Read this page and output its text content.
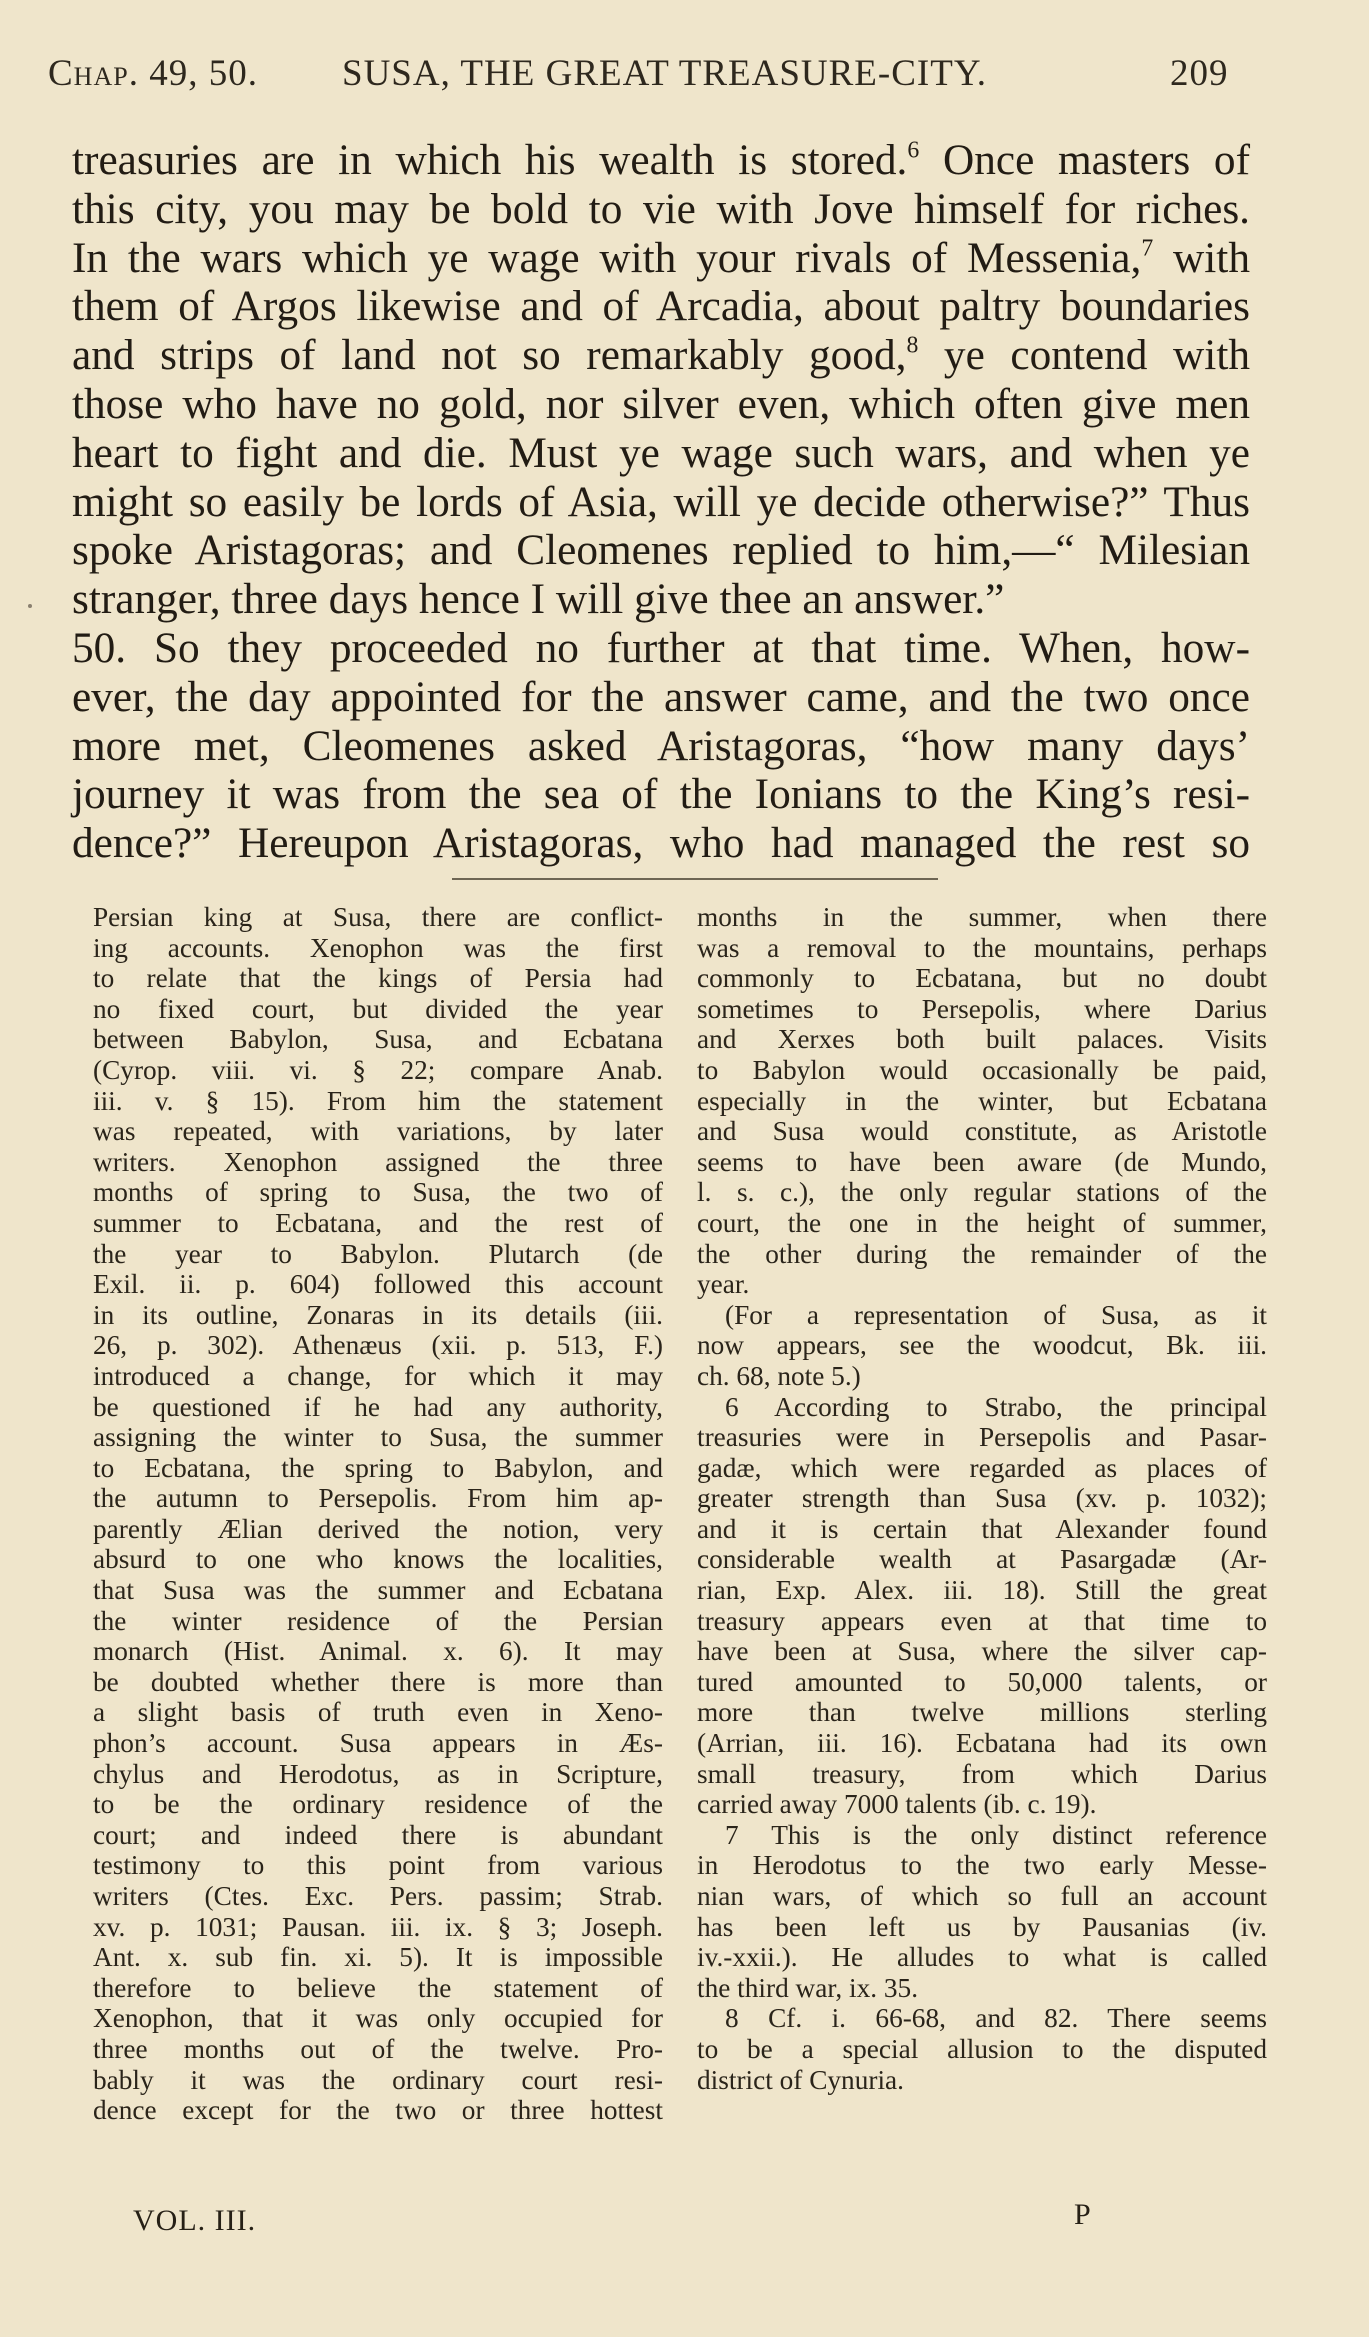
Chap. 49, 50. SUSA, THE GREAT TREASURE-CITY.	209
treasuries are in which his wealth is stored.$^6$ Once masters of
this city, you may be bold to vie with Jove himself for riches.
In the wars which ye wage with your rivals of Messenia,$^7$ with
them of Argos likewise and of Arcadia, about paltry boundaries
and strips of land not so remarkably good,$^8$ ye contend with
those who have no gold, nor silver even, which often give men
heart to fight and die. Must ye wage such wars, and when ye
might so easily be lords of Asia, will ye decide otherwise?” Thus
spoke Aristagoras; and Cleomenes replied to him,—“ Milesian
stranger, three days hence I will give thee an answer.”
50. So they proceeded no further at that time. When, how-
ever, the day appointed for the answer came, and the two once
more met, Cleomenes asked Aristagoras, “how many days’
journey it was from the sea of the Ionians to the King’s resi-
dence?” Hereupon Aristagoras, who had managed the rest so
Persian king at Susa, there are conflict-
ing accounts. Xenophon was the first
to relate that the kings of Persia had
no fixed court, but divided the year
between Babylon, Susa, and Ecbatana
(Cyrop. viii. vi. § 22; compare Anab.
iii. v. § 15). From him the statement
was repeated, with variations, by later
writers. Xenophon assigned the three
months of spring to Susa, the two of
summer to Ecbatana, and the rest of
the year to Babylon. Plutarch (de
Exil. ii. p. 604) followed this account
in its outline, Zonaras in its details (iii.
26, p. 302). Athenæus (xii. p. 513, F.)
introduced a change, for which it may
be questioned if he had any authority,
assigning the winter to Susa, the summer
to Ecbatana, the spring to Babylon, and
the autumn to Persepolis. From him ap-
parently Ælian derived the notion, very
absurd to one who knows the localities,
that Susa was the summer and Ecbatana
the winter residence of the Persian
monarch (Hist. Animal. x. 6). It may
be doubted whether there is more than
a slight basis of truth even in Xeno-
phon’s account. Susa appears in Æs-
chylus and Herodotus, as in Scripture,
to be the ordinary residence of the
court; and indeed there is abundant
testimony to this point from various
writers (Ctes. Exc. Pers. passim; Strab.
xv. p. 1031; Pausan. iii. ix. § 3; Joseph.
Ant. x. sub fin. xi. 5). It is impossible
therefore to believe the statement of
Xenophon, that it was only occupied for
three months out of the twelve. Pro-
bably it was the ordinary court resi-
dence except for the two or three hottest
months in the summer, when there
was a removal to the mountains, perhaps
commonly to Ecbatana, but no doubt
sometimes to Persepolis, where Darius
and Xerxes both built palaces. Visits
to Babylon would occasionally be paid,
especially in the winter, but Ecbatana
and Susa would constitute, as Aristotle
seems to have been aware (de Mundo,
l. s. c.), the only regular stations of the
court, the one in the height of summer,
the other during the remainder of the
year.
(For a representation of Susa, as it
now appears, see the woodcut, Bk. iii.
ch. 68, note 5.)
6 According to Strabo, the principal
treasuries were in Persepolis and Pasar-
gadæ, which were regarded as places of
greater strength than Susa (xv. p. 1032);
and it is certain that Alexander found
considerable wealth at Pasargadæ (Ar-
rian, Exp. Alex. iii. 18). Still the great
treasury appears even at that time to
have been at Susa, where the silver cap-
tured amounted to 50,000 talents, or
more than twelve millions sterling
(Arrian, iii. 16). Ecbatana had its own
small treasury, from which Darius
carried away 7000 talents (ib. c. 19).
7 This is the only distinct reference
in Herodotus to the two early Messe-
nian wars, of which so full an account
has been left us by Pausanias (iv.
iv.-xxii.). He alludes to what is called
the third war, ix. 35.
8 Cf. i. 66-68, and 82. There seems
to be a special allusion to the disputed
district of Cynuria.
VOL. III.	P
